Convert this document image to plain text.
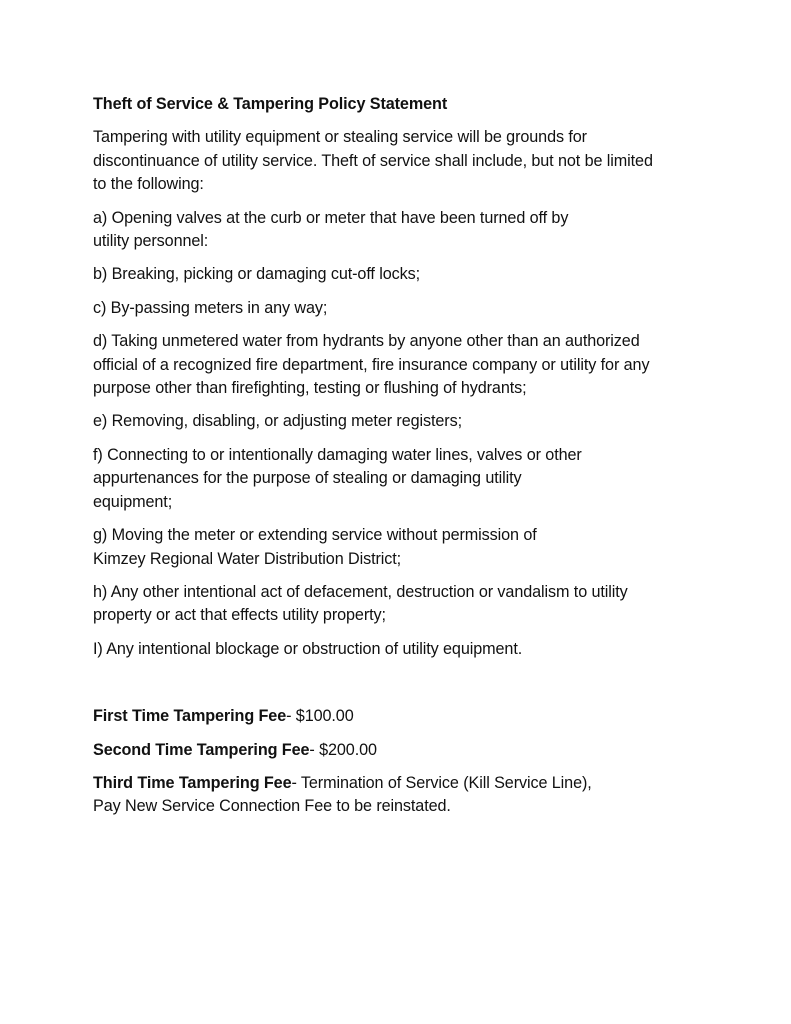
Theft of Service & Tampering Policy Statement
Tampering with utility equipment or stealing service will be grounds for
discontinuance of utility service. Theft of service shall include, but not be limited
to the following:
a) Opening valves at the curb or meter that have been turned off by
utility personnel:
b) Breaking, picking or damaging cut-off locks;
c) By-passing meters in any way;
d) Taking unmetered water from hydrants by anyone other than an authorized
official of a recognized fire department, fire insurance company or utility for any
purpose other than firefighting, testing or flushing of hydrants;
e) Removing, disabling, or adjusting meter registers;
f) Connecting to or intentionally damaging water lines, valves or other
appurtenances for the purpose of stealing or damaging utility
equipment;
g) Moving the meter or extending service without permission of
Kimzey Regional Water Distribution District;
h) Any other intentional act of defacement, destruction or vandalism to utility
property or act that effects utility property;
I) Any intentional blockage or obstruction of utility equipment.
First Time Tampering Fee- $100.00
Second Time Tampering Fee- $200.00
Third Time Tampering Fee- Termination of Service (Kill Service Line),
Pay New Service Connection Fee to be reinstated.
